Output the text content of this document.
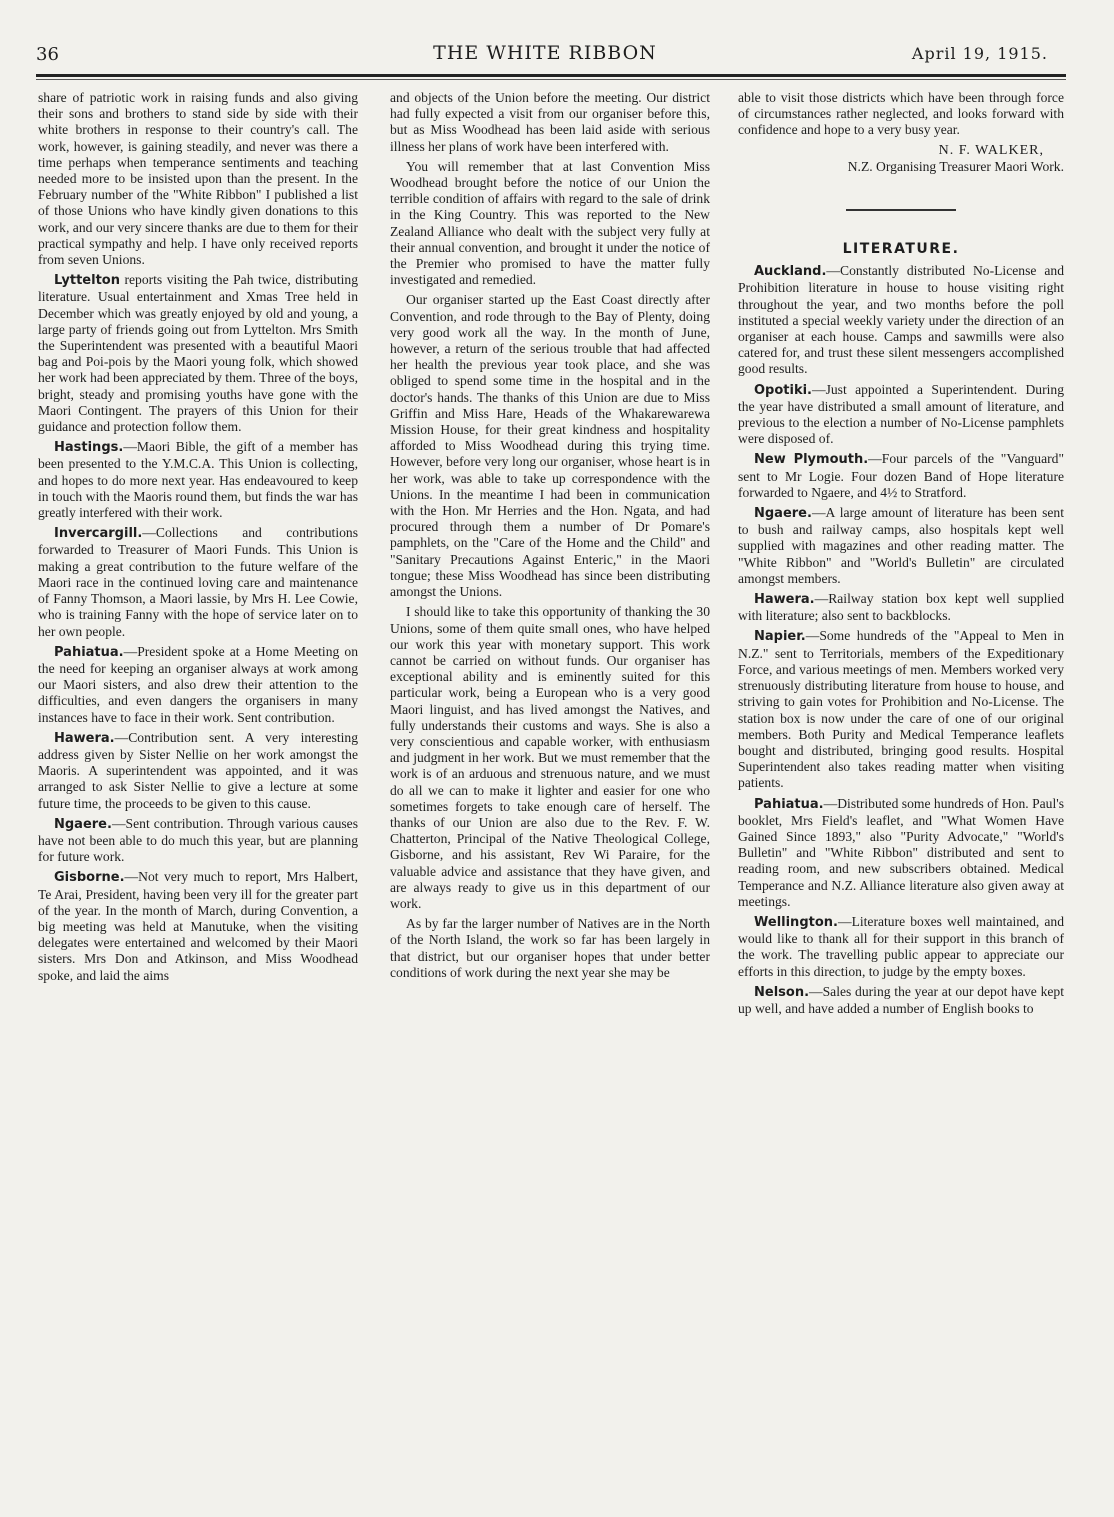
36	THE WHITE RIBBON	April 19, 1915.

share of patriotic work in raising funds and also giving their sons and brothers to stand side by side with their white brothers in response to their country's call. The work, however, is gaining steadily, and never was there a time perhaps when temperance sentiments and teaching needed more to be insisted upon than the present. In the February number of the "White Ribbon" I published a list of those Unions who have kindly given donations to this work, and our very sincere thanks are due to them for their practical sympathy and help. I have only received reports from seven Unions.

Lyttelton reports visiting the Pah twice, distributing literature. Usual entertainment and Xmas Tree held in December which was greatly enjoyed by old and young, a large party of friends going out from Lyttelton. Mrs Smith the Superintendent was presented with a beautiful Maori bag and Poi-pois by the Maori young folk, which showed her work had been appreciated by them. Three of the boys, bright, steady and promising youths have gone with the Maori Contingent. The prayers of this Union for their guidance and protection follow them.

Hastings.—Maori Bible, the gift of a member has been presented to the Y.M.C.A. This Union is collecting, and hopes to do more next year. Has endeavoured to keep in touch with the Maoris round them, but finds the war has greatly interfered with their work.

Invercargill.—Collections and contributions forwarded to Treasurer of Maori Funds. This Union is making a great contribution to the future welfare of the Maori race in the continued loving care and maintenance of Fanny Thomson, a Maori lassie, by Mrs H. Lee Cowie, who is training Fanny with the hope of service later on to her own people.

Pahiatua.—President spoke at a Home Meeting on the need for keeping an organiser always at work among our Maori sisters, and also drew their attention to the difficulties, and even dangers the organisers in many instances have to face in their work. Sent contribution.

Hawera.—Contribution sent. A very interesting address given by Sister Nellie on her work amongst the Maoris. A superintendent was appointed, and it was arranged to ask Sister Nellie to give a lecture at some future time, the proceeds to be given to this cause.

Ngaere.—Sent contribution. Through various causes have not been able to do much this year, but are planning for future work.

Gisborne.—Not very much to report, Mrs Halbert, Te Arai, President, having been very ill for the greater part of the year. In the month of March, during Convention, a big meeting was held at Manutuke, when the visiting delegates were entertained and welcomed by their Maori sisters. Mrs Don and Atkinson, and Miss Woodhead spoke, and laid the aims

and objects of the Union before the meeting. Our district had fully expected a visit from our organiser before this, but as Miss Woodhead has been laid aside with serious illness her plans of work have been interfered with.

You will remember that at last Convention Miss Woodhead brought before the notice of our Union the terrible condition of affairs with regard to the sale of drink in the King Country. This was reported to the New Zealand Alliance who dealt with the subject very fully at their annual convention, and brought it under the notice of the Premier who promised to have the matter fully investigated and remedied.

Our organiser started up the East Coast directly after Convention, and rode through to the Bay of Plenty, doing very good work all the way. In the month of June, however, a return of the serious trouble that had affected her health the previous year took place, and she was obliged to spend some time in the hospital and in the doctor's hands. The thanks of this Union are due to Miss Griffin and Miss Hare, Heads of the Whakarewarewa Mission House, for their great kindness and hospitality afforded to Miss Woodhead during this trying time. However, before very long our organiser, whose heart is in her work, was able to take up correspondence with the Unions. In the meantime I had been in communication with the Hon. Mr Herries and the Hon. Ngata, and had procured through them a number of Dr Pomare's pamphlets, on the "Care of the Home and the Child" and "Sanitary Precautions Against Enteric," in the Maori tongue; these Miss Woodhead has since been distributing amongst the Unions.

I should like to take this opportunity of thanking the 30 Unions, some of them quite small ones, who have helped our work this year with monetary support. This work cannot be carried on without funds. Our organiser has exceptional ability and is eminently suited for this particular work, being a European who is a very good Maori linguist, and has lived amongst the Natives, and fully understands their customs and ways. She is also a very conscientious and capable worker, with enthusiasm and judgment in her work. But we must remember that the work is of an arduous and strenuous nature, and we must do all we can to make it lighter and easier for one who sometimes forgets to take enough care of herself. The thanks of our Union are also due to the Rev. F. W. Chatterton, Principal of the Native Theological College, Gisborne, and his assistant, Rev Wi Paraire, for the valuable advice and assistance that they have given, and are always ready to give us in this department of our work.

As by far the larger number of Natives are in the North of the North Island, the work so far has been largely in that district, but our organiser hopes that under better conditions of work during the next year she may be

able to visit those districts which have been through force of circumstances rather neglected, and looks forward with confidence and hope to a very busy year.

N. F. WALKER,
N.Z. Organising Treasurer Maori Work.
LITERATURE.

Auckland.—Constantly distributed No-License and Prohibition literature in house to house visiting right throughout the year, and two months before the poll instituted a special weekly variety under the direction of an organiser at each house. Camps and sawmills were also catered for, and trust these silent messengers accomplished good results.

Opotiki.—Just appointed a Superintendent. During the year have distributed a small amount of literature, and previous to the election a number of No-License pamphlets were disposed of.

New Plymouth.—Four parcels of the "Vanguard" sent to Mr Logie. Four dozen Band of Hope literature forwarded to Ngaere, and 4½ to Stratford.

Ngaere.—A large amount of literature has been sent to bush and railway camps, also hospitals kept well supplied with magazines and other reading matter. The "White Ribbon" and "World's Bulletin" are circulated amongst members.

Hawera.—Railway station box kept well supplied with literature; also sent to backblocks.

Napier.—Some hundreds of the "Appeal to Men in N.Z." sent to Territorials, members of the Expeditionary Force, and various meetings of men. Members worked very strenuously distributing literature from house to house, and striving to gain votes for Prohibition and No-License. The station box is now under the care of one of our original members. Both Purity and Medical Temperance leaflets bought and distributed, bringing good results. Hospital Superintendent also takes reading matter when visiting patients.

Pahiatua.—Distributed some hundreds of Hon. Paul's booklet, Mrs Field's leaflet, and "What Women Have Gained Since 1893," also "Purity Advocate," "World's Bulletin" and "White Ribbon" distributed and sent to reading room, and new subscribers obtained. Medical Temperance and N.Z. Alliance literature also given away at meetings.

Wellington.—Literature boxes well maintained, and would like to thank all for their support in this branch of the work. The travelling public appear to appreciate our efforts in this direction, to judge by the empty boxes.

Nelson.—Sales during the year at our depot have kept up well, and have added a number of English books to
